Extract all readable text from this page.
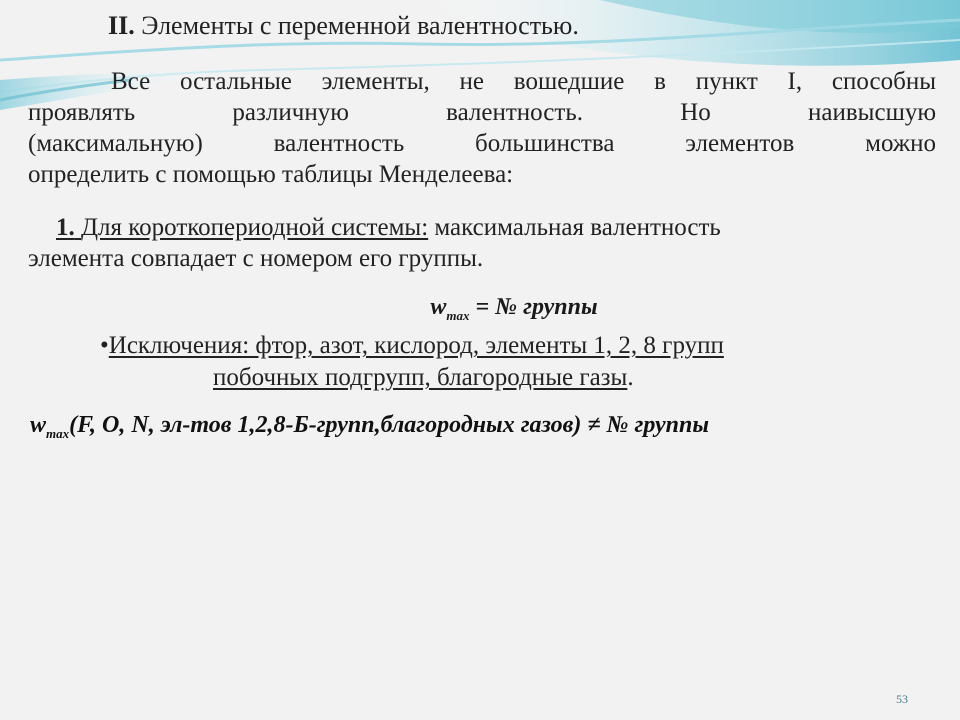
II. Элементы с переменной валентностью.

Все остальные элементы, не вошедшие в пункт I, способны
проявлять различную валентность. Но наивысшую
(максимальную) валентность большинства элементов можно
определить с помощью таблицы Менделеева:

1. Для короткопериодной системы: максимальная валентность
элемента совпадает с номером его группы.

$w_{max}$ = № группы

•Исключения: фтор, азот, кислород, элементы 1, 2, 8 групп
побочных подгрупп, благородные газы.

$w_{max}(F$, O, N, эл-тов 1,2,8-Б-групп,благородных газов) ≠ № группы

53
